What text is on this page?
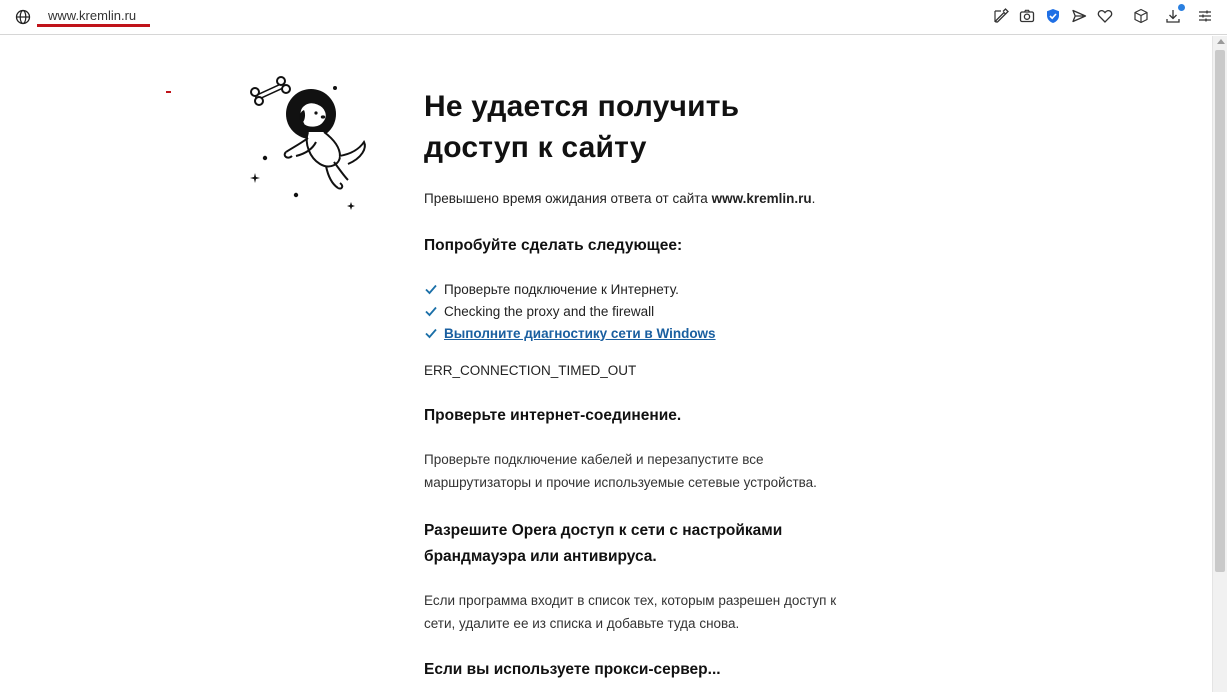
www.kremlin.ru
Не удается получить доступ к сайту

Превышено время ожидания ответа от сайта www.kremlin.ru.

Попробуйте сделать следующее:
Проверьте подключение к Интернету.
Checking the proxy and the firewall
Выполните диагностику сети в Windows

ERR_CONNECTION_TIMED_OUT

Проверьте интернет-соединение.

Проверьте подключение кабелей и перезапустите все маршрутизаторы и прочие используемые сетевые устройства.

Разрешите Opera доступ к сети с настройками брандмауэра или антивируса.

Если программа входит в список тех, которым разрешен доступ к сети, удалите ее из списка и добавьте туда снова.

Если вы используете прокси-сервер...
